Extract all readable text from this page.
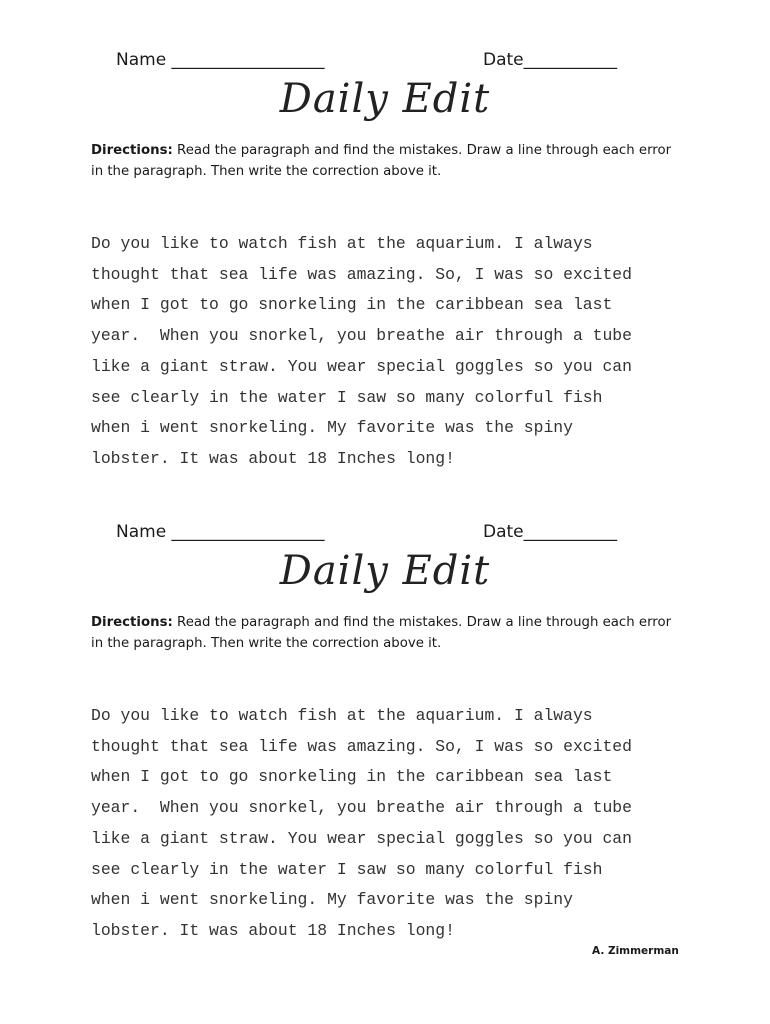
Name __________________	Date___________
Daily Edit
Directions: Read the paragraph and find the mistakes. Draw a line through each error in the paragraph. Then write the correction above it.
Do you like to watch fish at the aquarium. I always
thought that sea life was amazing. So, I was so excited
when I got to go snorkeling in the caribbean sea last
year.  When you snorkel, you breathe air through a tube
like a giant straw. You wear special goggles so you can
see clearly in the water I saw so many colorful fish
when i went snorkeling. My favorite was the spiny
lobster. It was about 18 Inches long!
Name __________________	Date___________
Daily Edit
Directions: Read the paragraph and find the mistakes. Draw a line through each error in the paragraph. Then write the correction above it.
Do you like to watch fish at the aquarium. I always
thought that sea life was amazing. So, I was so excited
when I got to go snorkeling in the caribbean sea last
year.  When you snorkel, you breathe air through a tube
like a giant straw. You wear special goggles so you can
see clearly in the water I saw so many colorful fish
when i went snorkeling. My favorite was the spiny
lobster. It was about 18 Inches long!
A. Zimmerman
